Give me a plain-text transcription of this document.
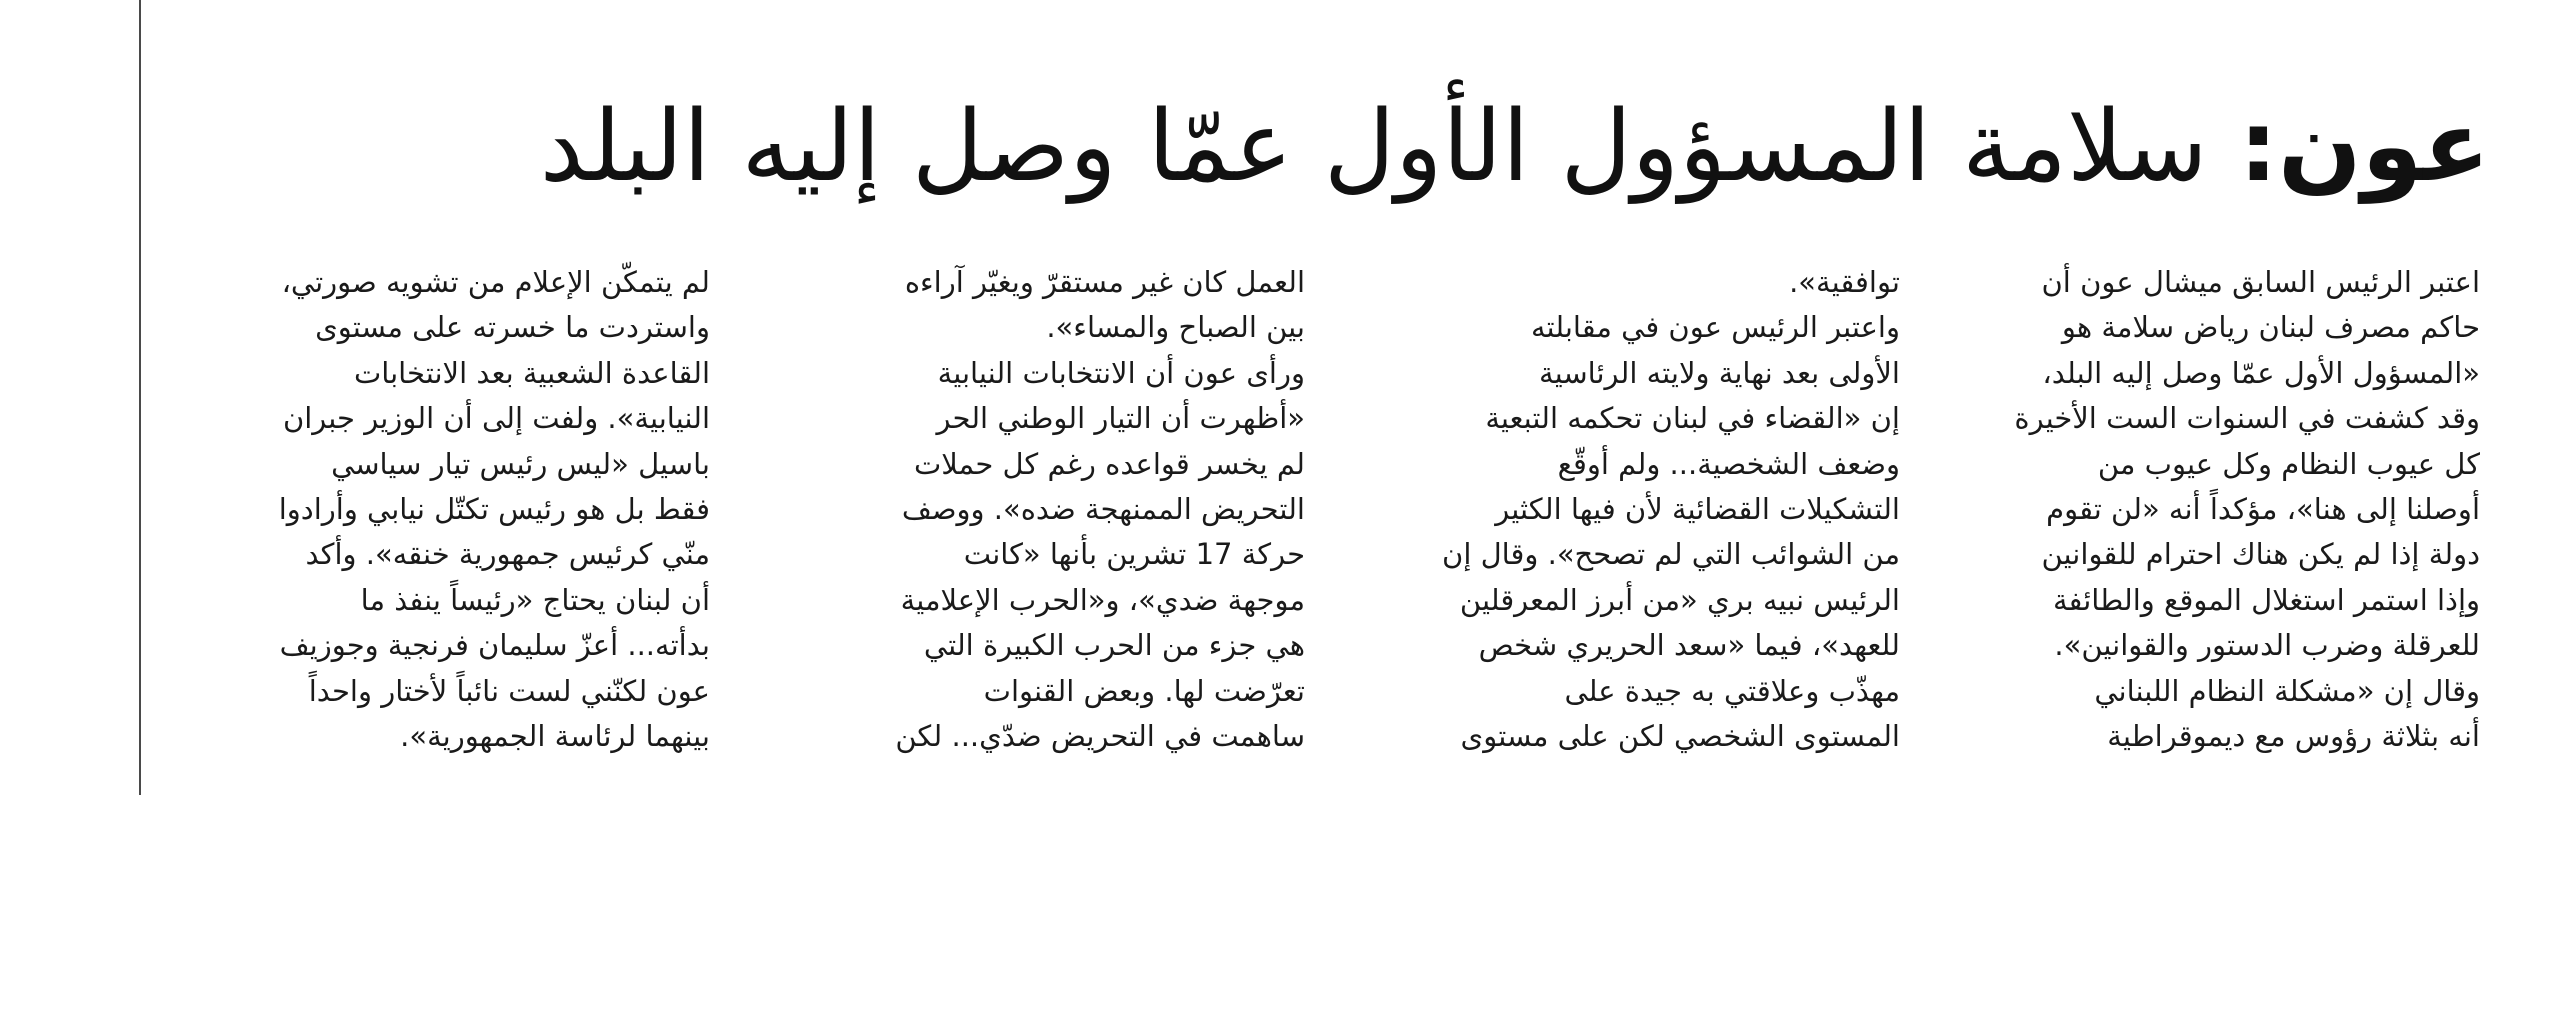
عون: سلامة المسؤول الأول عمّا وصل إليه البلد
اعتبر الرئيس السابق ميشال عون أن
حاكم مصرف لبنان رياض سلامة هو
«المسؤول الأول عمّا وصل إليه البلد،
وقد كشفت في السنوات الست الأخيرة
كل عيوب النظام وكل عيوب من
أوصلنا إلى هنا»، مؤكداً أنه «لن تقوم
دولة إذا لم يكن هناك احترام للقوانين
وإذا استمر استغلال الموقع والطائفة
للعرقلة وضرب الدستور والقوانين».
وقال إن «مشكلة النظام اللبناني
أنه بثلاثة رؤوس مع ديموقراطية
توافقية».
واعتبر الرئيس عون في مقابلته
الأولى بعد نهاية ولايته الرئاسية
إن «القضاء في لبنان تحكمه التبعية
وضعف الشخصية... ولم أوقّع
التشكيلات القضائية لأن فيها الكثير
من الشوائب التي لم تصحح». وقال إن
الرئيس نبيه بري «من أبرز المعرقلين
للعهد»، فيما «سعد الحريري شخص
مهذّب وعلاقتي به جيدة على
المستوى الشخصي لكن على مستوى
العمل كان غير مستقرّ ويغيّر آراءه
بين الصباح والمساء».
ورأى عون أن الانتخابات النيابية
«أظهرت أن التيار الوطني الحر
لم يخسر قواعده رغم كل حملات
التحريض الممنهجة ضده». ووصف
حركة 17 تشرين بأنها «كانت
موجهة ضدي»، و«الحرب الإعلامية
هي جزء من الحرب الكبيرة التي
تعرّضت لها. وبعض القنوات
ساهمت في التحريض ضدّي... لكن
لم يتمكّن الإعلام من تشويه صورتي،
واستردت ما خسرته على مستوى
القاعدة الشعبية بعد الانتخابات
النيابية». ولفت إلى أن الوزير جبران
باسيل «ليس رئيس تيار سياسي
فقط بل هو رئيس تكتّل نيابي وأرادوا
منّي كرئيس جمهورية خنقه». وأكد
أن لبنان يحتاج «رئيساً ينفذ ما
بدأته... أعزّ سليمان فرنجية وجوزيف
عون لكنّني لست نائباً لأختار واحداً
بينهما لرئاسة الجمهورية».
